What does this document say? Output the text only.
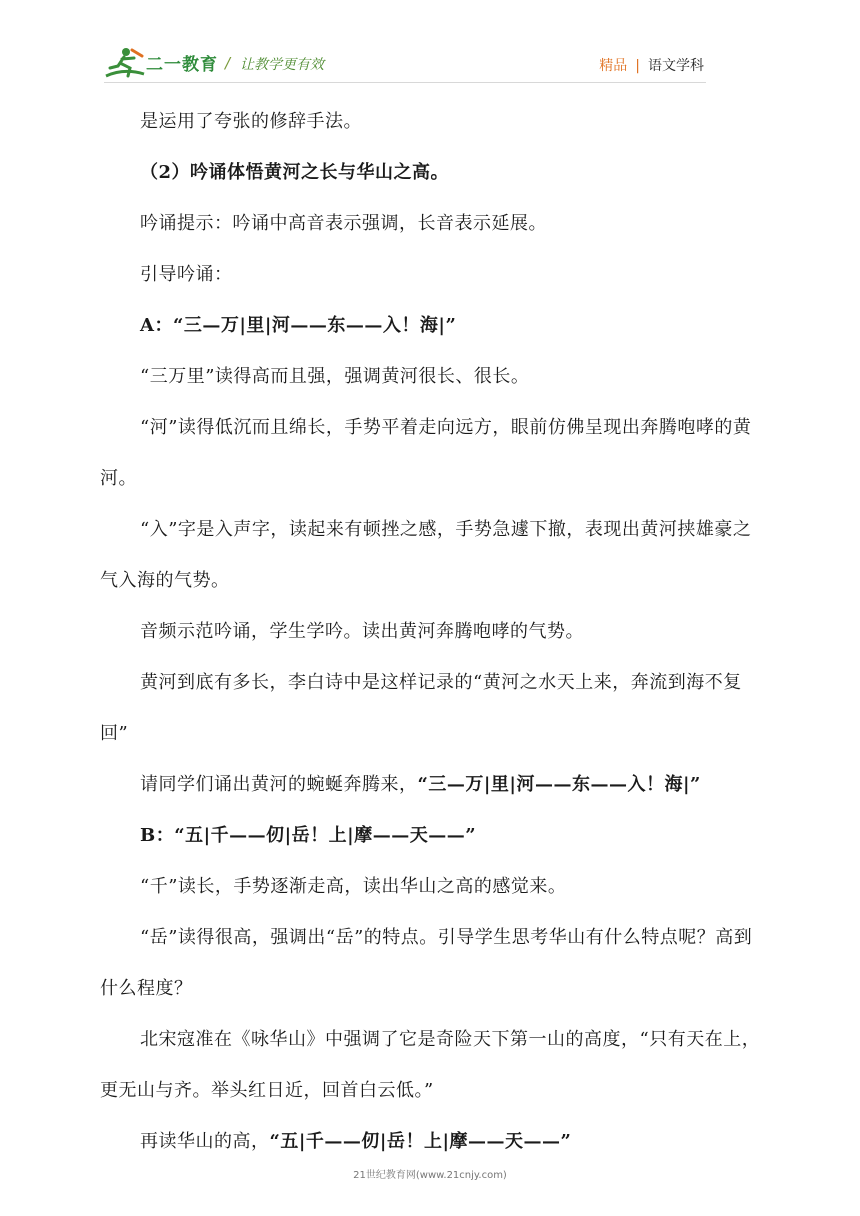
二一教育 / 让教学更有效	精品 | 语文学科

是运用了夸张的修辞手法。

（2）吟诵体悟黄河之长与华山之高。

吟诵提示：吟诵中高音表示强调，长音表示延展。

引导吟诵：

A：“三—万|里|河——东——入！海|”

“三万里”读得高而且强，强调黄河很长、很长。

“河”读得低沉而且绵长，手势平着走向远方，眼前仿佛呈现出奔腾咆哮的黄河。

“入”字是入声字，读起来有顿挫之感，手势急遽下撤，表现出黄河挟雄豪之气入海的气势。

音频示范吟诵，学生学吟。读出黄河奔腾咆哮的气势。

黄河到底有多长，李白诗中是这样记录的“黄河之水天上来，奔流到海不复回”

请同学们诵出黄河的蜿蜒奔腾来，“三—万|里|河——东——入！海|”

B：“五|千——仞|岳！上|摩——天——”

“千”读长，手势逐渐走高，读出华山之高的感觉来。

“岳”读得很高，强调出“岳”的特点。引导学生思考华山有什么特点呢？高到什么程度？

北宋寇准在《咏华山》中强调了它是奇险天下第一山的高度，“只有天在上，更无山与齐。举头红日近，回首白云低。”

再读华山的高，“五|千——仞|岳！上|摩——天——”

21世纪教育网(www.21cnjy.com)
